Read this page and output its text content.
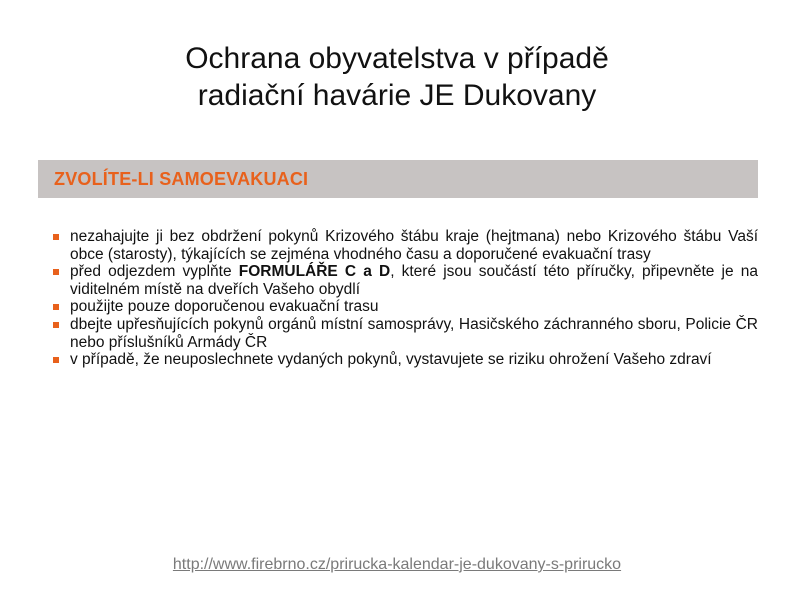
Ochrana obyvatelstva v případě
radiační havárie JE Dukovany
ZVOLÍTE-LI SAMOEVAKUACI
nezahajujte ji bez obdržení pokynů Krizového štábu kraje (hejtmana) nebo Krizového štábu Vaší obce (starosty), týkajících se zejména vhodného času a doporučené evakuační trasy
před odjezdem vyplňte FORMULÁŘE C a D, které jsou součástí této příručky, připevněte je na viditelném místě na dveřích Vašeho obydlí
použijte pouze doporučenou evakuační trasu
dbejte upřesňujících pokynů orgánů místní samosprávy, Hasičského záchranného sboru, Policie ČR nebo příslušníků Armády ČR
v případě, že neuposlechnete vydaných pokynů, vystavujete se riziku ohrožení Vašeho zdraví
http://www.firebrno.cz/prirucka-kalendar-je-dukovany-s-prirucko
